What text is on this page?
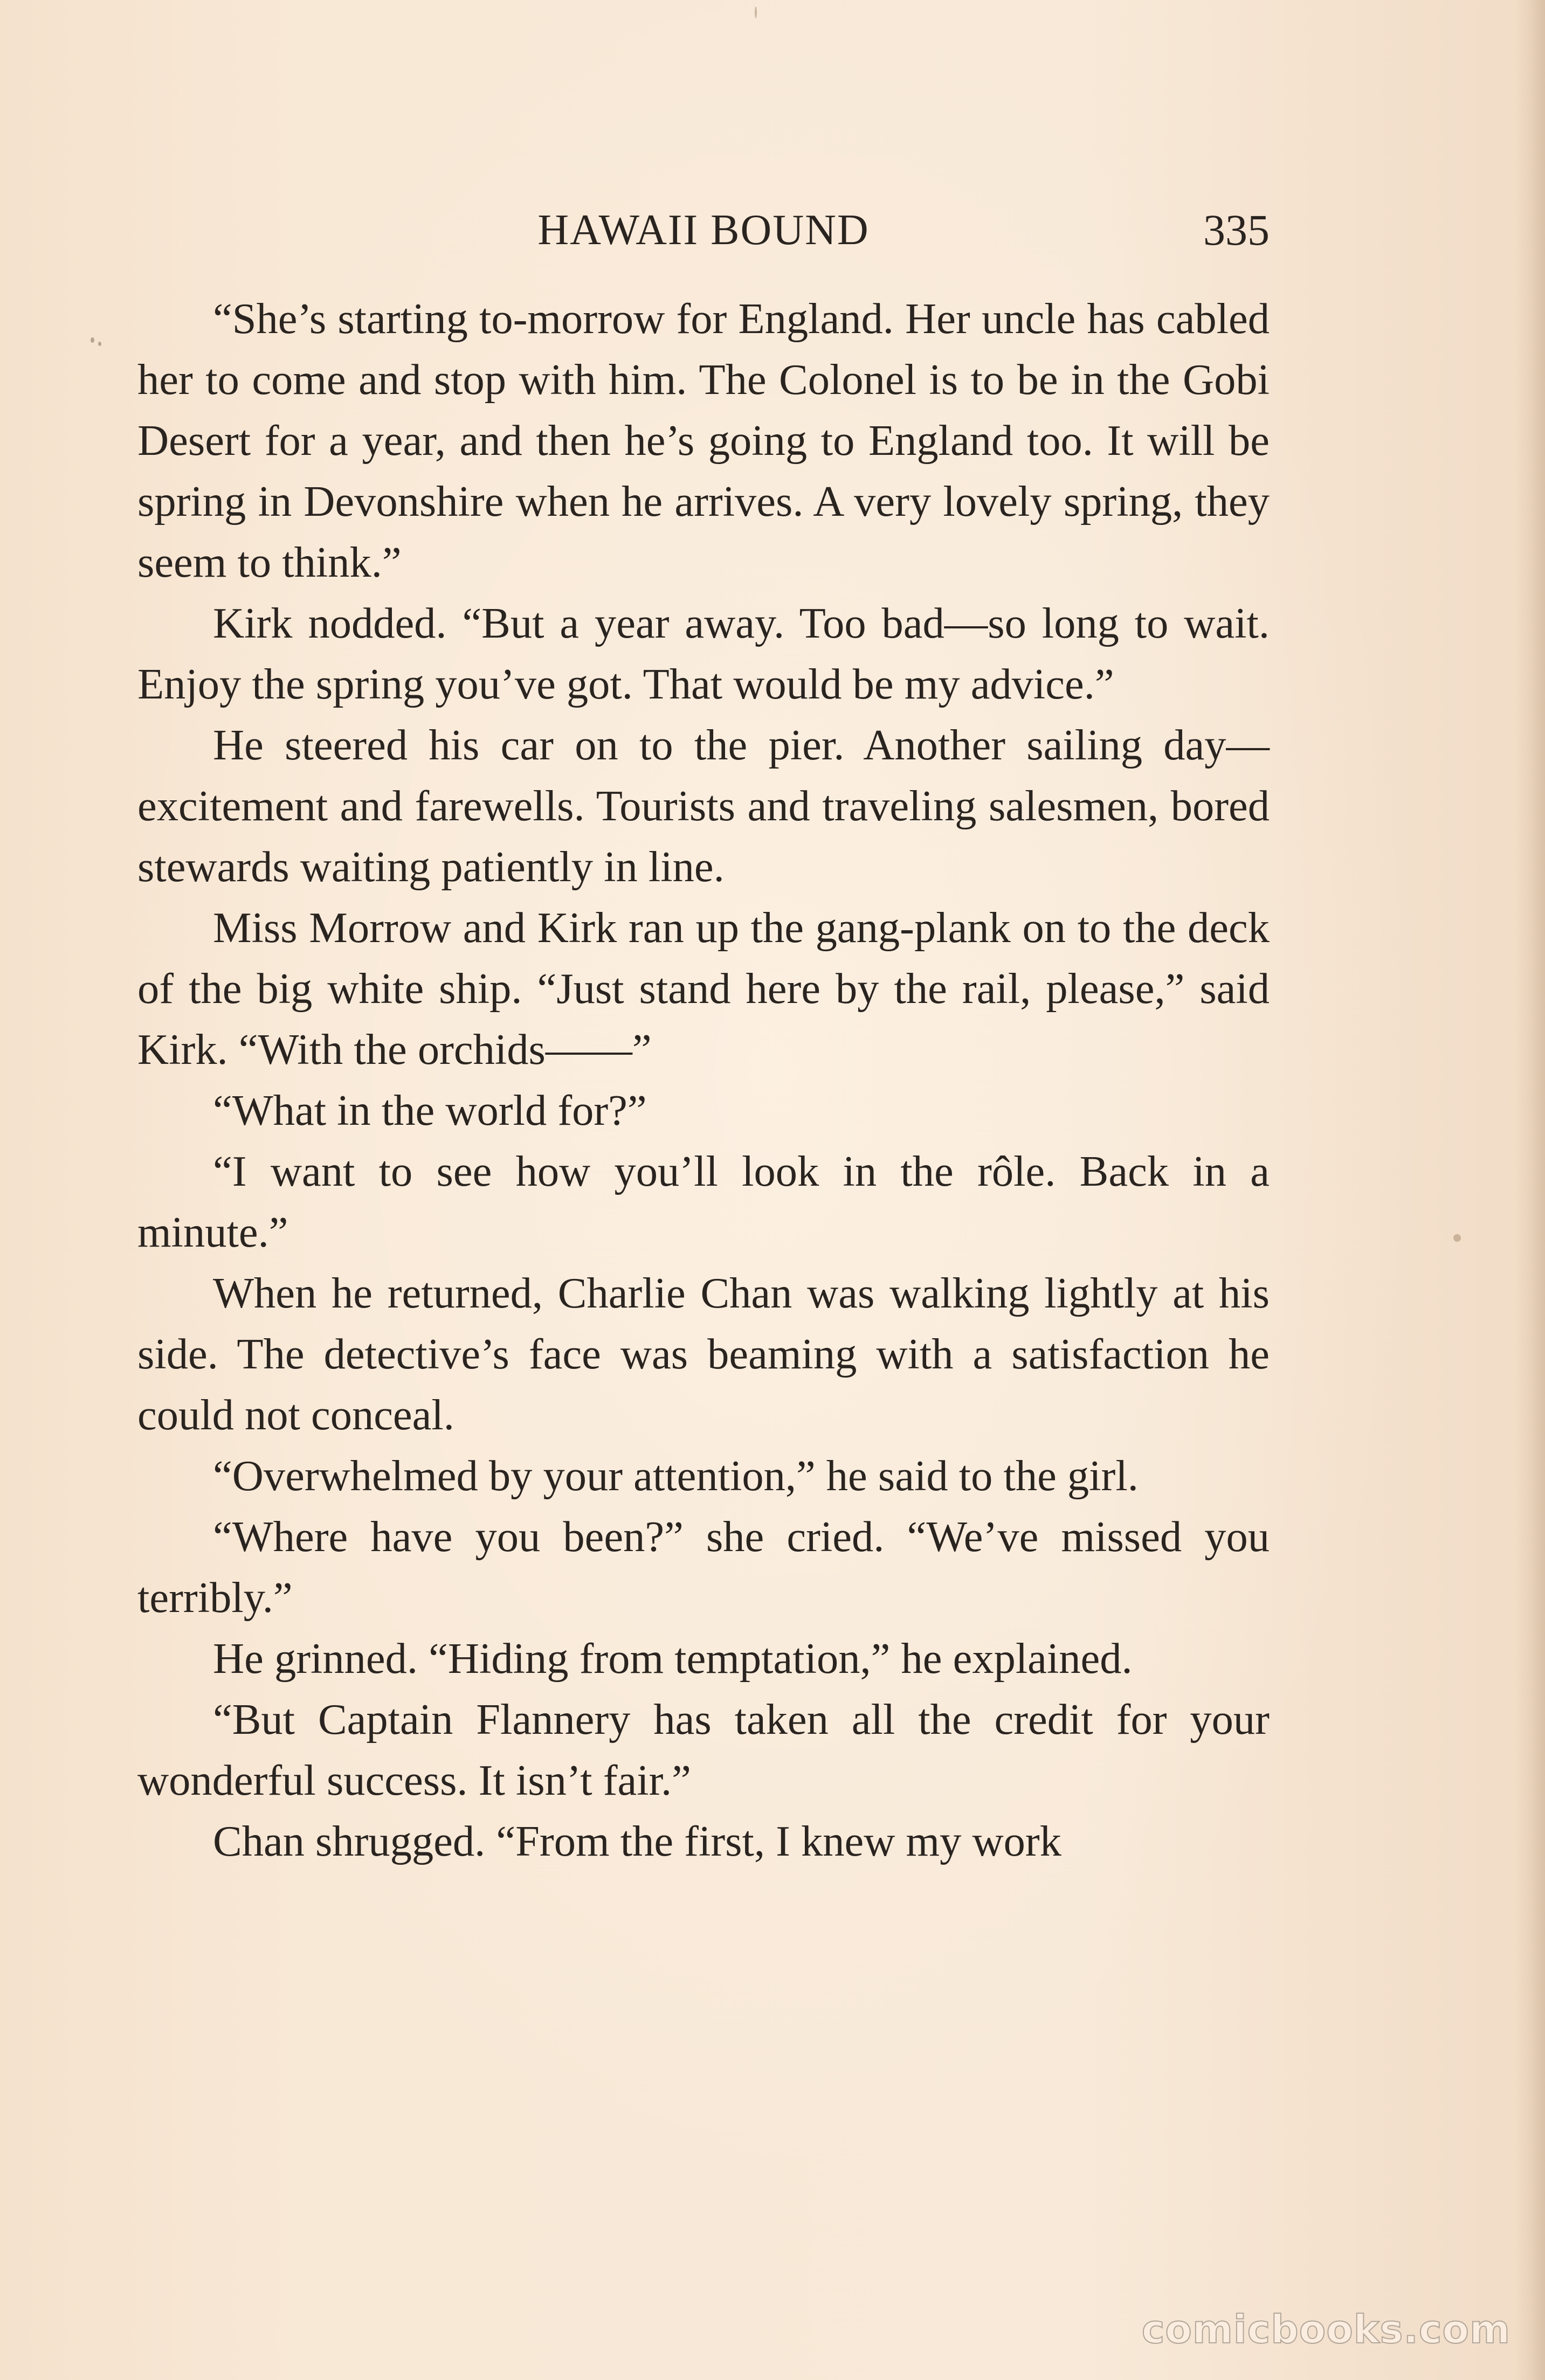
HAWAII BOUND	335

“She’s starting to-morrow for England. Her uncle has cabled her to come and stop with him. The Colonel is to be in the Gobi Desert for a year, and then he’s going to England too. It will be spring in Devonshire when he arrives. A very lovely spring, they seem to think.”

Kirk nodded. “But a year away. Too bad—so long to wait. Enjoy the spring you’ve got. That would be my advice.”

He steered his car on to the pier. Another sailing day—excitement and farewells. Tourists and traveling salesmen, bored stewards waiting patiently in line.

Miss Morrow and Kirk ran up the gang-plank on to the deck of the big white ship. “Just stand here by the rail, please,” said Kirk. “With the orchids——”

“What in the world for?”

“I want to see how you’ll look in the rôle. Back in a minute.”

When he returned, Charlie Chan was walking lightly at his side. The detective’s face was beaming with a satisfaction he could not conceal.

“Overwhelmed by your attention,” he said to the girl.

“Where have you been?” she cried. “We’ve missed you terribly.”

He grinned. “Hiding from temptation,” he explained.

“But Captain Flannery has taken all the credit for your wonderful success. It isn’t fair.”

Chan shrugged. “From the first, I knew my work

comicbooks.com
